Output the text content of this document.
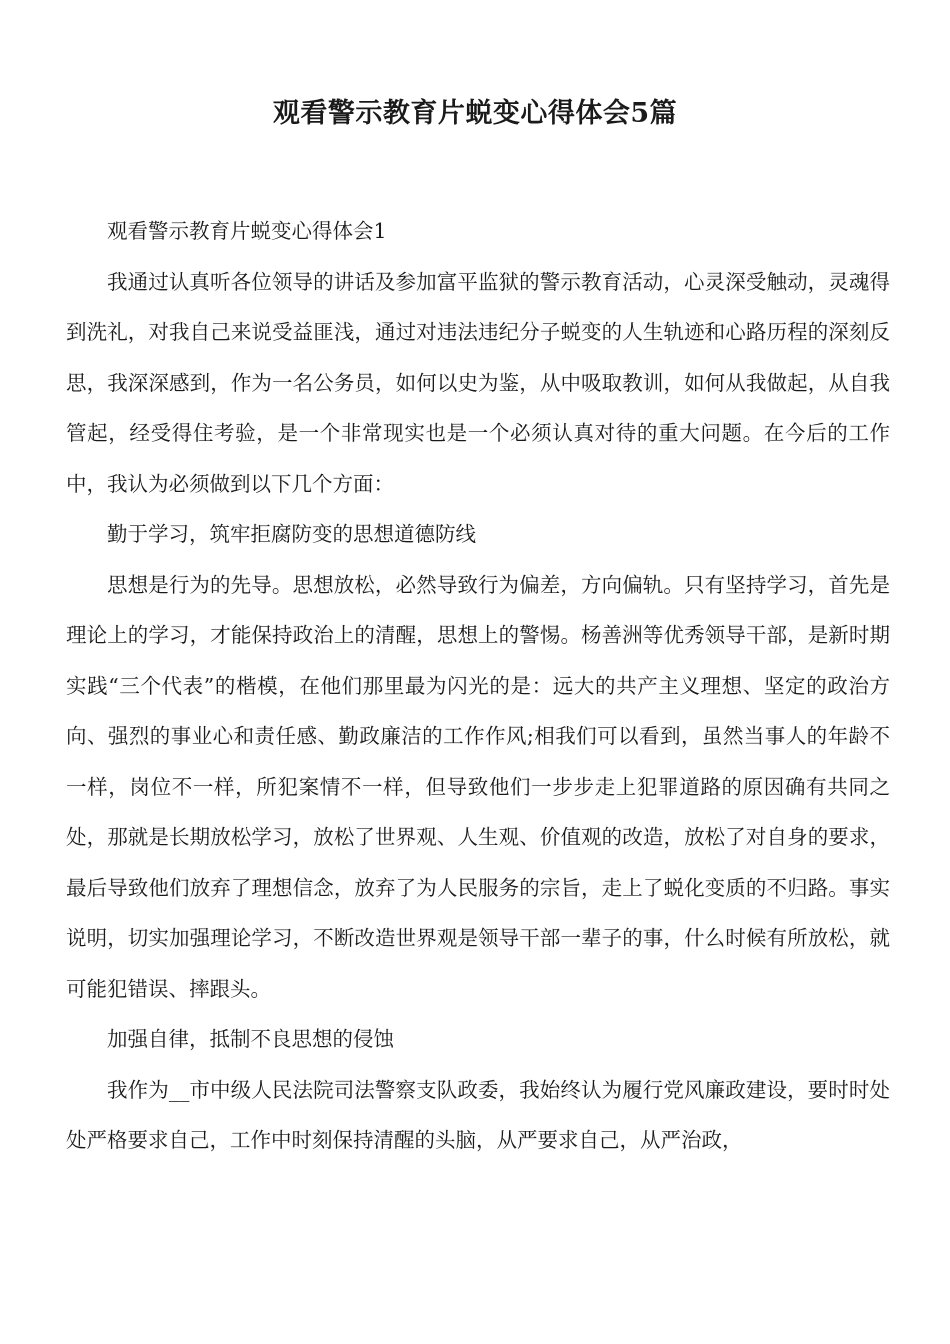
观看警示教育片蜕变心得体会5篇

观看警示教育片蜕变心得体会1

我通过认真听各位领导的讲话及参加富平监狱的警示教育活动，心灵深受触动，灵魂得到洗礼，对我自己来说受益匪浅，通过对违法违纪分子蜕变的人生轨迹和心路历程的深刻反思，我深深感到，作为一名公务员，如何以史为鉴，从中吸取教训，如何从我做起，从自我管起，经受得住考验，是一个非常现实也是一个必须认真对待的重大问题。在今后的工作中，我认为必须做到以下几个方面：

勤于学习，筑牢拒腐防变的思想道德防线

思想是行为的先导。思想放松，必然导致行为偏差，方向偏轨。只有坚持学习，首先是理论上的学习，才能保持政治上的清醒，思想上的警惕。杨善洲等优秀领导干部，是新时期实践“三个代表”的楷模，在他们那里最为闪光的是：远大的共产主义理想、坚定的政治方向、强烈的事业心和责任感、勤政廉洁的工作作风;相我们可以看到，虽然当事人的年龄不一样，岗位不一样，所犯案情不一样，但导致他们一步步走上犯罪道路的原因确有共同之处，那就是长期放松学习，放松了世界观、人生观、价值观的改造，放松了对自身的要求，最后导致他们放弃了理想信念，放弃了为人民服务的宗旨，走上了蜕化变质的不归路。事实说明，切实加强理论学习，不断改造世界观是领导干部一辈子的事，什么时候有所放松，就可能犯错误、摔跟头。

加强自律，抵制不良思想的侵蚀

我作为__市中级人民法院司法警察支队政委，我始终认为履行党风廉政建设，要时时处处严格要求自己，工作中时刻保持清醒的头脑，从严要求自己，从严治政，
